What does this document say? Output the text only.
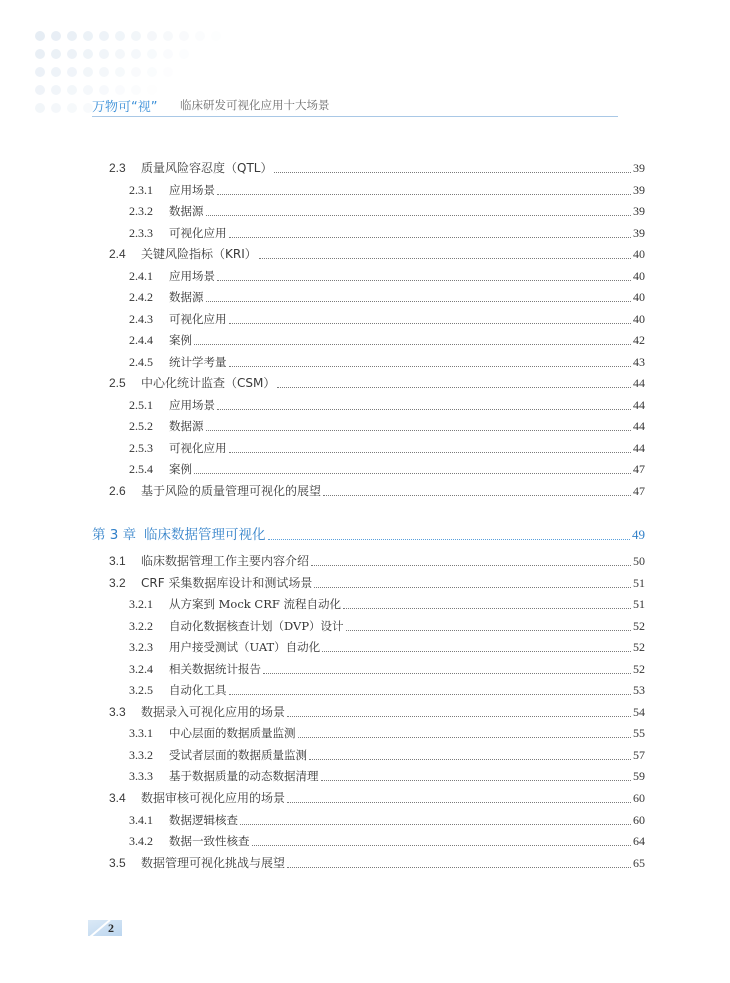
万物可“视” 临床研发可视化应用十大场景
2.3	质量风险容忍度（QTL）	39
2.3.1	应用场景	39
2.3.2	数据源	39
2.3.3	可视化应用	39
2.4	关键风险指标（KRI）	40
2.4.1	应用场景	40
2.4.2	数据源	40
2.4.3	可视化应用	40
2.4.4	案例	42
2.4.5	统计学考量	43
2.5	中心化统计监查（CSM）	44
2.5.1	应用场景	44
2.5.2	数据源	44
2.5.3	可视化应用	44
2.5.4	案例	47
2.6	基于风险的质量管理可视化的展望	47
第 3 章 临床数据管理可视化	49
3.1	临床数据管理工作主要内容介绍	50
3.2	CRF 采集数据库设计和测试场景	51
3.2.1	从方案到 Mock CRF 流程自动化	51
3.2.2	自动化数据核查计划（DVP）设计	52
3.2.3	用户接受测试（UAT）自动化	52
3.2.4	相关数据统计报告	52
3.2.5	自动化工具	53
3.3	数据录入可视化应用的场景	54
3.3.1	中心层面的数据质量监测	55
3.3.2	受试者层面的数据质量监测	57
3.3.3	基于数据质量的动态数据清理	59
3.4	数据审核可视化应用的场景	60
3.4.1	数据逻辑核查	60
3.4.2	数据一致性核查	64
3.5	数据管理可视化挑战与展望	65
2
